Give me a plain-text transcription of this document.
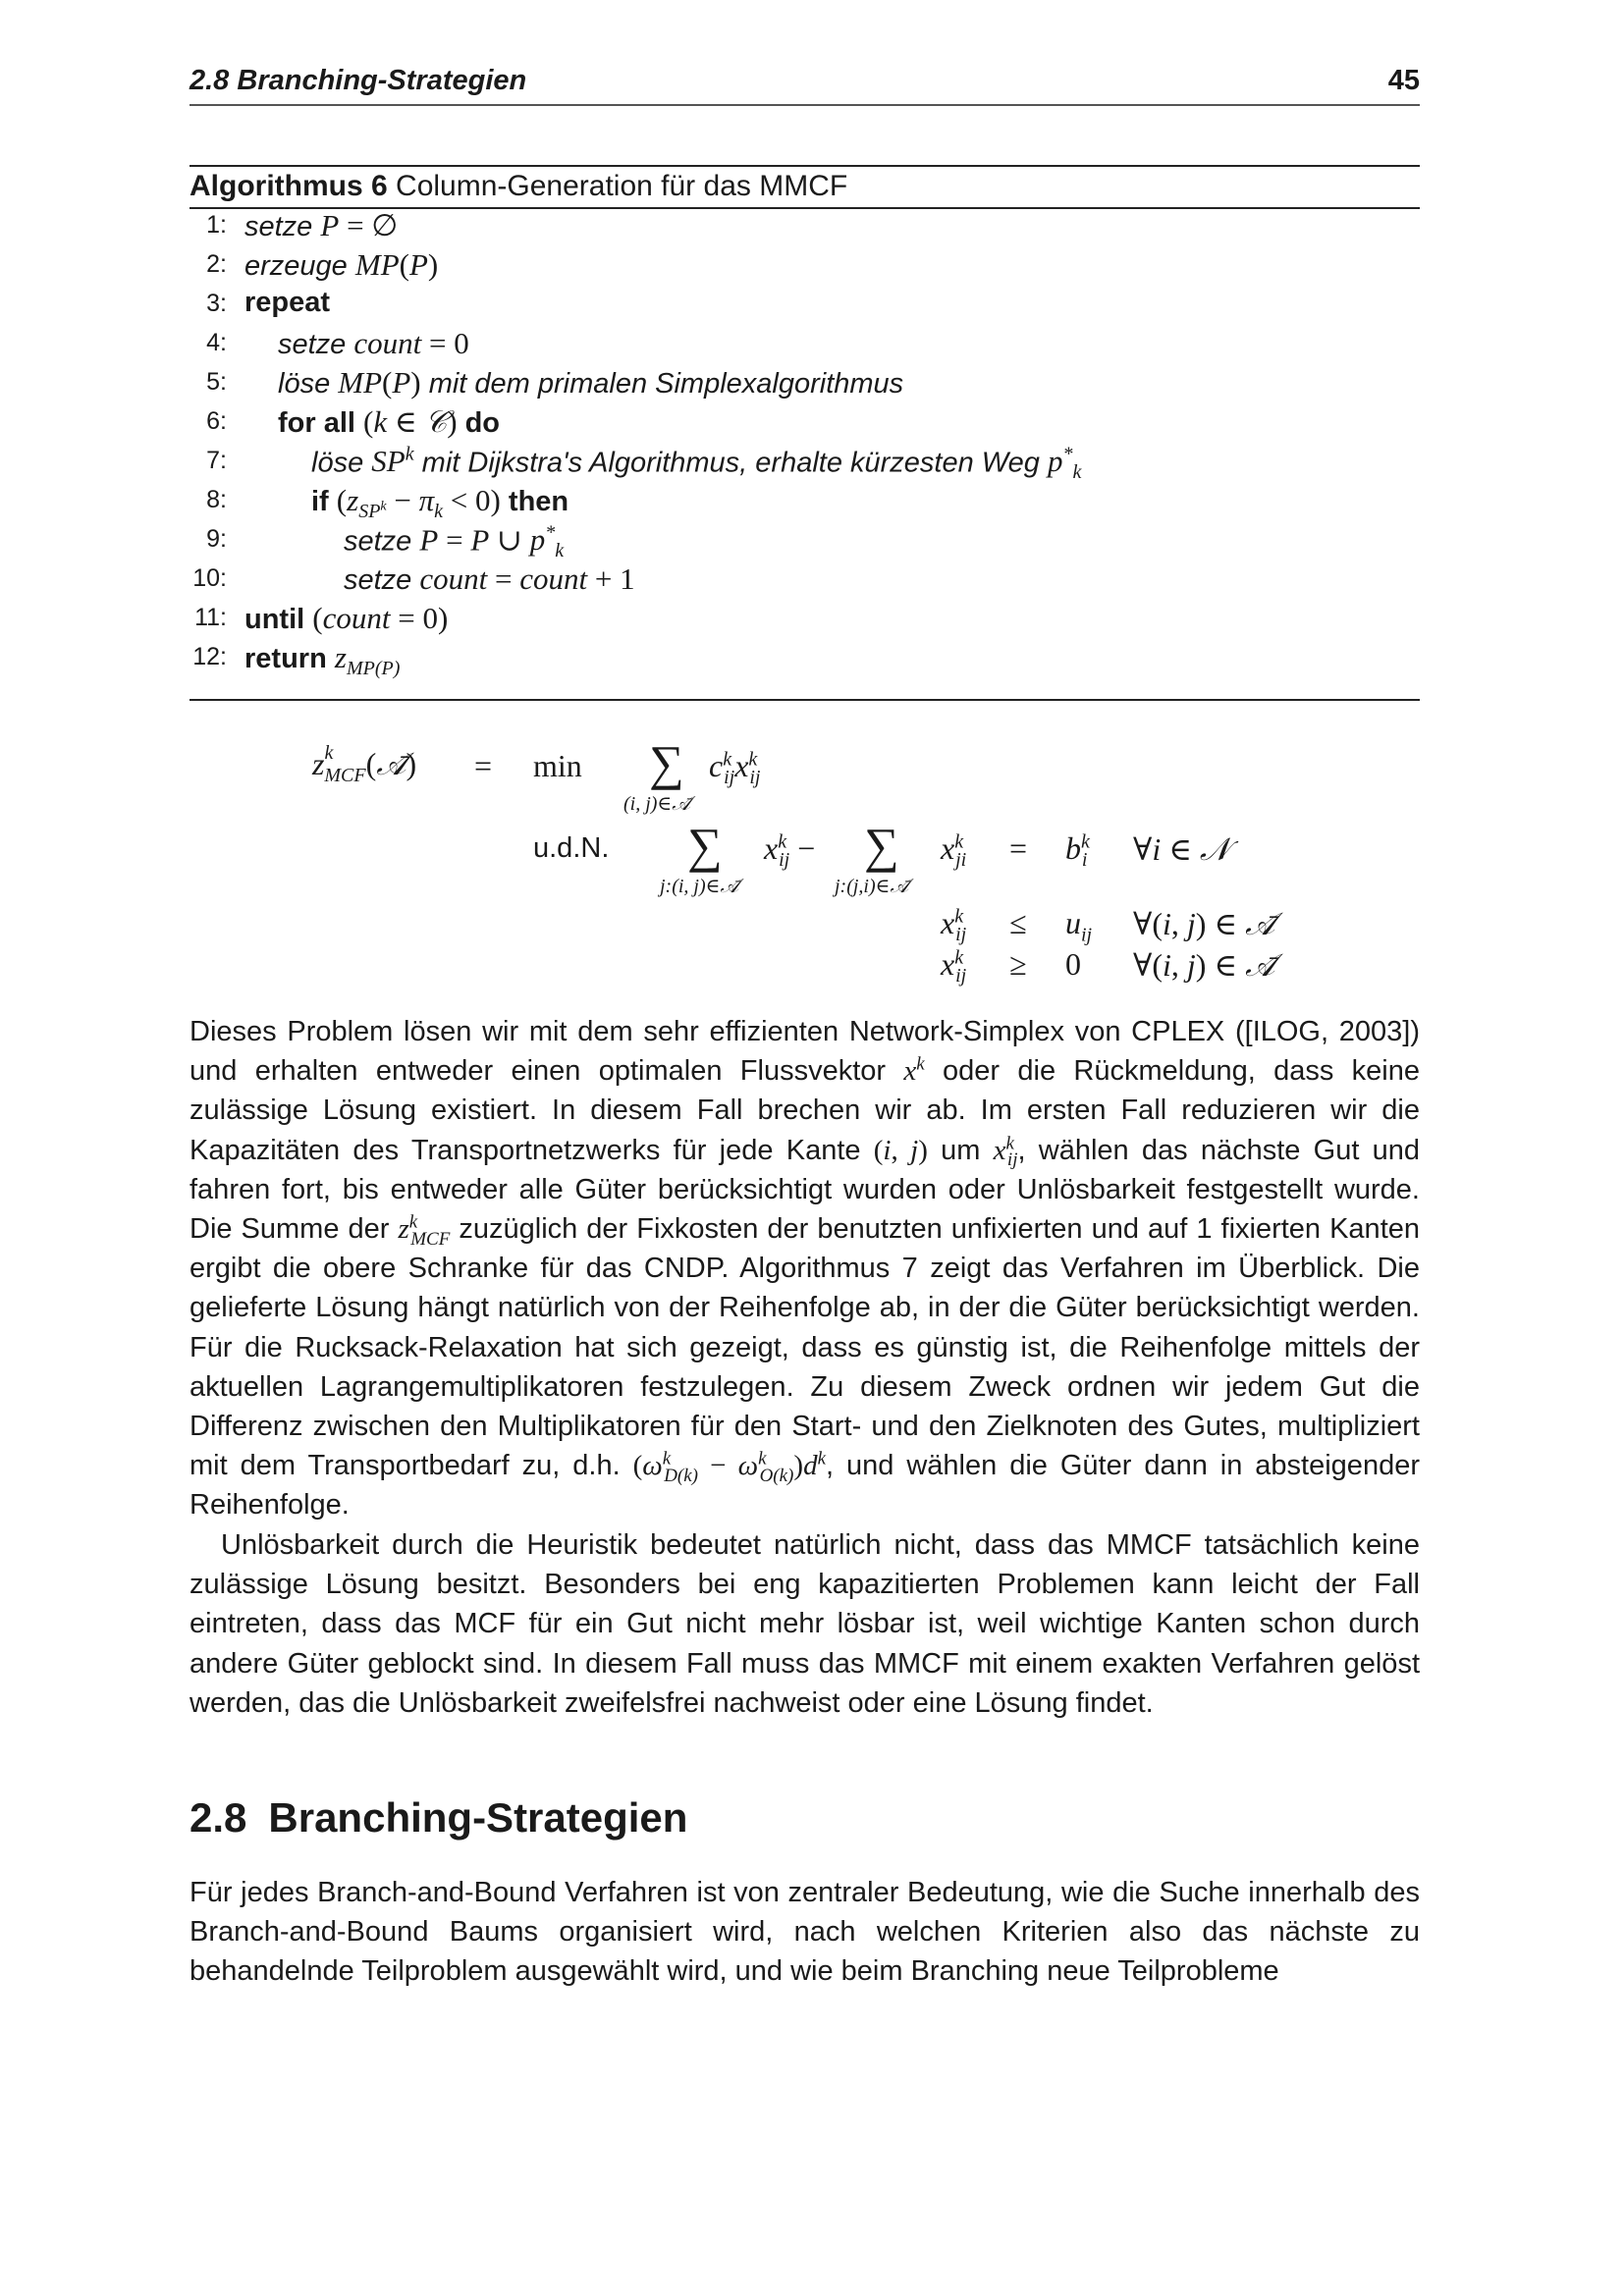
2.8 Branching-Strategien	45
Algorithmus 6 Column-Generation für das MMCF
1: setze P = ∅
2: erzeuge MP(P)
3: repeat
4: setze count = 0
5: löse MP(P) mit dem primalen Simplexalgorithmus
6: for all (k ∈ 𝒞) do
7:	löse $SP^k$ mit Dijkstra's Algorithmus, erhalte kürzesten Weg $p^*_k$
8:	if $(z_{SP^k} - \pi_k < 0)$ then
9:	setze P = P ∪ $p^*_k$
10:	setze count = count + 1
11: until (count = 0)
12: return $z_{MP(P)}$
$z^k_{MCF}(𝒜̄) = \min$ ∑
(i, j)∈𝒜̄
$c^k_{ij}x^k_{ij}$
u.d.N. ∑
j:(i, j)∈𝒜̄
$x^k_{ij}$ − ∑
j:(j,i)∈𝒜̄
$x^k_{ji} = b^k_i$ ∀i ∈ 𝒩
$x^k_{ij} \le u_{ij}$ ∀(i, j) ∈ 𝒜̄
$x^k_{ij} \ge 0$ ∀(i, j) ∈ 𝒜̄
Dieses Problem lösen wir mit dem sehr effizienten Network-Simplex von CPLEX ([ILOG, 2003]) und erhalten entweder einen optimalen Flussvektor $x^k$ oder die Rückmeldung, dass keine zulässige Lösung existiert. In diesem Fall brechen wir ab. Im ersten Fall reduzieren wir die Kapazitäten des Transportnetzwerks für jede Kante (i, j) um $x^k_{ij}$, wählen das nächste Gut und fahren fort, bis entweder alle Güter berücksichtigt wurden oder Unlösbarkeit festgestellt wurde. Die Summe der $z^k_{MCF}$ zuzüglich der Fixkosten der benutzten unfixierten und auf 1 fixierten Kanten ergibt die obere Schranke für das CNDP. Algorithmus 7 zeigt das Verfahren im Überblick. Die gelieferte Lösung hängt natürlich von der Reihenfolge ab, in der die Güter berücksichtigt werden. Für die Rucksack-Relaxation hat sich gezeigt, dass es günstig ist, die Reihenfolge mittels der aktuellen Lagrangemultiplikatoren festzulegen. Zu diesem Zweck ordnen wir jedem Gut die Differenz zwischen den Multiplikatoren für den Start- und den Zielknoten des Gutes, multipliziert mit dem Transportbedarf zu, d.h. $(\omega^k_{D(k)} - \omega^k_{O(k)})d^k$, und wählen die Güter dann in absteigender Reihenfolge.
Unlösbarkeit durch die Heuristik bedeutet natürlich nicht, dass das MMCF tatsächlich keine zulässige Lösung besitzt. Besonders bei eng kapazitierten Problemen kann leicht der Fall eintreten, dass das MCF für ein Gut nicht mehr lösbar ist, weil wichtige Kanten schon durch andere Güter geblockt sind. In diesem Fall muss das MMCF mit einem exakten Verfahren gelöst werden, das die Unlösbarkeit zweifelsfrei nachweist oder eine Lösung findet.
2.8 Branching-Strategien
Für jedes Branch-and-Bound Verfahren ist von zentraler Bedeutung, wie die Suche innerhalb des Branch-and-Bound Baums organisiert wird, nach welchen Kriterien also das nächste zu behandelnde Teilproblem ausgewählt wird, und wie beim Branching neue Teilprobleme
